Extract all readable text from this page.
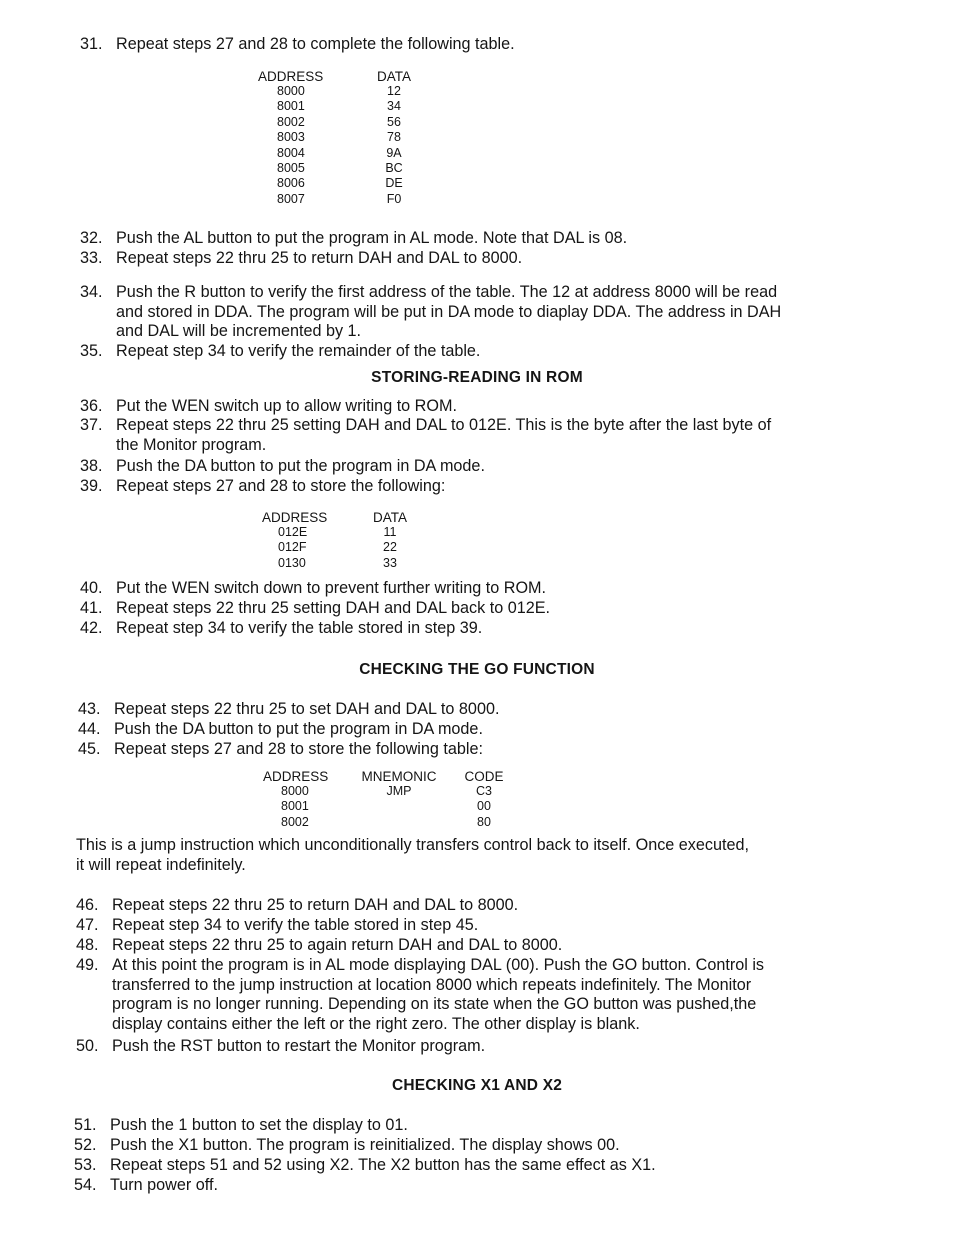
31. Repeat steps 27 and 28 to complete the following table.
ADDRESS	DATA
8000	12
8001	34
8002	56
8003	78
8004	9A
8005	BC
8006	DE
8007	F0
32. Push the AL button to put the program in AL mode. Note that DAL is 08.
33. Repeat steps 22 thru 25 to return DAH and DAL to 8000.
34. Push the R button to verify the first address of the table. The 12 at address 8000 will be read
and stored in DDA. The program will be put in DA mode to diaplay DDA. The address in DAH
and DAL will be incremented by 1.
35. Repeat step 34 to verify the remainder of the table.
STORING-READING IN ROM
36. Put the WEN switch up to allow writing to ROM.
37. Repeat steps 22 thru 25 setting DAH and DAL to 012E. This is the byte after the last byte of
the Monitor program.
38. Push the DA button to put the program in DA mode.
39. Repeat steps 27 and 28 to store the following:
ADDRESS	DATA
012E	11
012F	22
0130	33
40. Put the WEN switch down to prevent further writing to ROM.
41. Repeat steps 22 thru 25 setting DAH and DAL back to 012E.
42. Repeat step 34 to verify the table stored in step 39.
CHECKING THE GO FUNCTION
43. Repeat steps 22 thru 25 to set DAH and DAL to 8000.
44. Push the DA button to put the program in DA mode.
45. Repeat steps 27 and 28 to store the following table:
ADDRESS	MNEMONIC	CODE
8000	JMP	C3
8001		00
8002		80
This is a jump instruction which unconditionally transfers control back to itself. Once executed,
it will repeat indefinitely.
46. Repeat steps 22 thru 25 to return DAH and DAL to 8000.
47. Repeat step 34 to verify the table stored in step 45.
48. Repeat steps 22 thru 25 to again return DAH and DAL to 8000.
49. At this point the program is in AL mode displaying DAL (00). Push the GO button. Control is
transferred to the jump instruction at location 8000 which repeats indefinitely. The Monitor
program is no longer running. Depending on its state when the GO button was pushed,the
display contains either the left or the right zero. The other display is blank.
50. Push the RST button to restart the Monitor program.
CHECKING X1 AND X2
51. Push the 1 button to set the display to 01.
52. Push the X1 button. The program is reinitialized. The display shows 00.
53. Repeat steps 51 and 52 using X2. The X2 button has the same effect as X1.
54. Turn power off.
